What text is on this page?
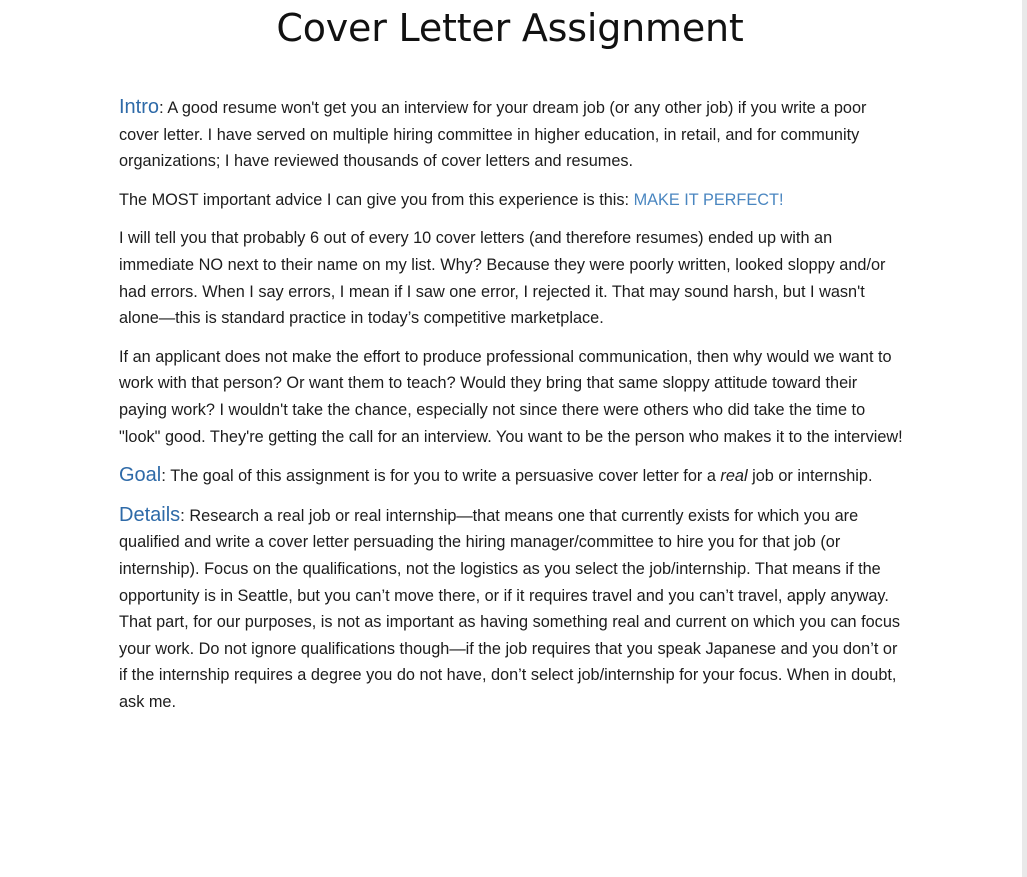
Cover Letter Assignment

Intro: A good resume won't get you an interview for your dream job (or any other job) if you write a poor cover letter. I have served on multiple hiring committee in higher education, in retail, and for community organizations; I have reviewed thousands of cover letters and resumes.

The MOST important advice I can give you from this experience is this: MAKE IT PERFECT!

I will tell you that probably 6 out of every 10 cover letters (and therefore resumes) ended up with an immediate NO next to their name on my list. Why? Because they were poorly written, looked sloppy and/or had errors. When I say errors, I mean if I saw one error, I rejected it. That may sound harsh, but I wasn't alone—this is standard practice in today’s competitive marketplace.

If an applicant does not make the effort to produce professional communication, then why would we want to work with that person? Or want them to teach? Would they bring that same sloppy attitude toward their paying work? I wouldn't take the chance, especially not since there were others who did take the time to "look" good. They're getting the call for an interview. You want to be the person who makes it to the interview!

Goal: The goal of this assignment is for you to write a persuasive cover letter for a real job or internship.

Details: Research a real job or real internship—that means one that currently exists for which you are qualified and write a cover letter persuading the hiring manager/committee to hire you for that job (or internship). Focus on the qualifications, not the logistics as you select the job/internship. That means if the opportunity is in Seattle, but you can’t move there, or if it requires travel and you can’t travel, apply anyway. That part, for our purposes, is not as important as having something real and current on which you can focus your work. Do not ignore qualifications though—if the job requires that you speak Japanese and you don’t or if the internship requires a degree you do not have, don’t select job/internship for your focus. When in doubt, ask me.
